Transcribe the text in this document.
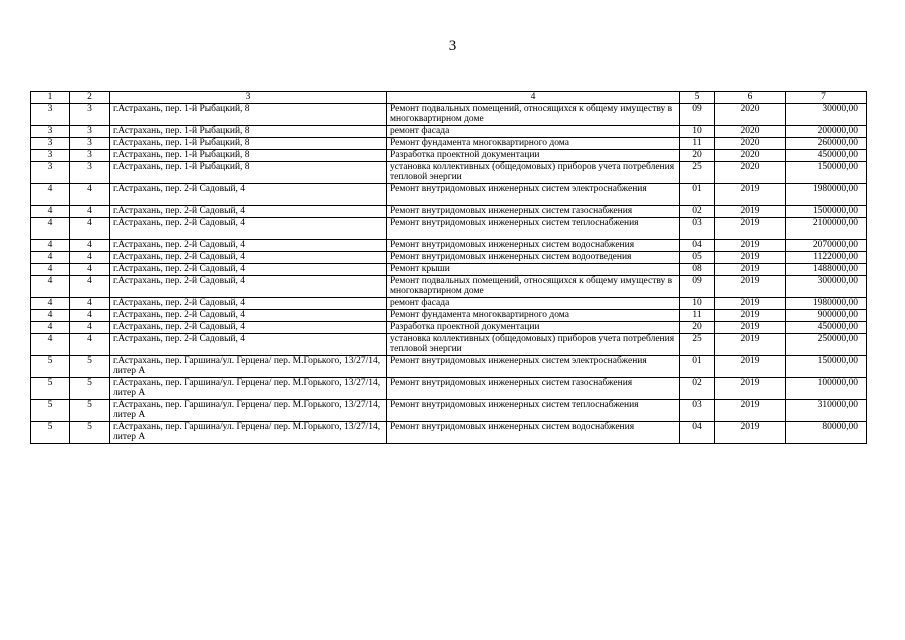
3
1	2	3	4	5	6	7
3	3	г.Астрахань, пер. 1-й Рыбацкий, 8	Ремонт подвальных помещений, относящихся к общему имуществу в многоквартирном доме	09	2020	30000,00
3	3	г.Астрахань, пер. 1-й Рыбацкий, 8	ремонт фасада	10	2020	200000,00
3	3	г.Астрахань, пер. 1-й Рыбацкий, 8	Ремонт фундамента многоквартирного дома	11	2020	260000,00
3	3	г.Астрахань, пер. 1-й Рыбацкий, 8	Разработка проектной документации	20	2020	450000,00
3	3	г.Астрахань, пер. 1-й Рыбацкий, 8	установка коллективных (общедомовых) приборов учета потребления тепловой энергии	25	2020	150000,00
4	4	г.Астрахань, пер. 2-й Садовый, 4	Ремонт внутридомовых инженерных систем электроснабжения	01	2019	1980000,00
4	4	г.Астрахань, пер. 2-й Садовый, 4	Ремонт внутридомовых инженерных систем газоснабжения	02	2019	1500000,00
4	4	г.Астрахань, пер. 2-й Садовый, 4	Ремонт внутридомовых инженерных систем теплоснабжения	03	2019	2100000,00
4	4	г.Астрахань, пер. 2-й Садовый, 4	Ремонт внутридомовых инженерных систем водоснабжения	04	2019	2070000,00
4	4	г.Астрахань, пер. 2-й Садовый, 4	Ремонт внутридомовых инженерных систем водоотведения	05	2019	1122000,00
4	4	г.Астрахань, пер. 2-й Садовый, 4	Ремонт крыши	08	2019	1488000,00
4	4	г.Астрахань, пер. 2-й Садовый, 4	Ремонт подвальных помещений, относящихся к общему имуществу в многоквартирном доме	09	2019	300000,00
4	4	г.Астрахань, пер. 2-й Садовый, 4	ремонт фасада	10	2019	1980000,00
4	4	г.Астрахань, пер. 2-й Садовый, 4	Ремонт фундамента многоквартирного дома	11	2019	900000,00
4	4	г.Астрахань, пер. 2-й Садовый, 4	Разработка проектной документации	20	2019	450000,00
4	4	г.Астрахань, пер. 2-й Садовый, 4	установка коллективных (общедомовых) приборов учета потребления тепловой энергии	25	2019	250000,00
5	5	г.Астрахань, пер. Гаршина/ул. Герцена/ пер. М.Горького, 13/27/14, литер А	Ремонт внутридомовых инженерных систем электроснабжения	01	2019	150000,00
5	5	г.Астрахань, пер. Гаршина/ул. Герцена/ пер. М.Горького, 13/27/14, литер А	Ремонт внутридомовых инженерных систем газоснабжения	02	2019	100000,00
5	5	г.Астрахань, пер. Гаршина/ул. Герцена/ пер. М.Горького, 13/27/14, литер А	Ремонт внутридомовых инженерных систем теплоснабжения	03	2019	310000,00
5	5	г.Астрахань, пер. Гаршина/ул. Герцена/ пер. М.Горького, 13/27/14, литер А	Ремонт внутридомовых инженерных систем водоснабжения	04	2019	80000,00
